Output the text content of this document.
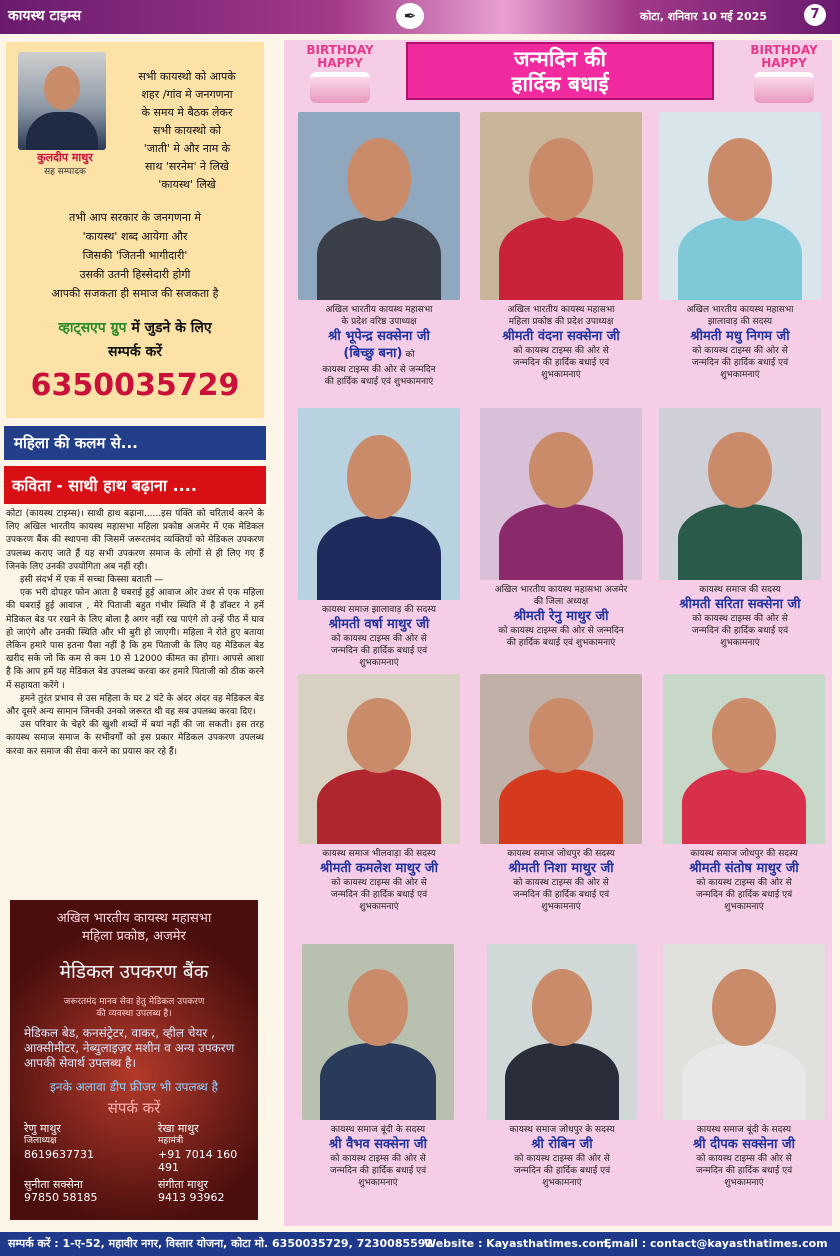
कायस्थ टाइम्स	✒	कोटा, शनिवार 10 मई 2025	7
कुलदीप माथुर
सह सम्पादक
सभी कायस्थो को आपके
शहर /गांव मे जनगणना
के समय मे बैठक लेकर
सभी कायस्थो को
'जाती' मे और नाम के
साथ 'सरनेम' ने लिखे
'कायस्थ' लिखे
तभी आप सरकार के जनगणना मे
'कायस्थ' शब्द आयेगा और
जिसकी 'जितनी भागीदारी'
उसकी उतनी हिस्सेदारी होगी
आपकी सजकता ही समाज की सजकता है
व्हाट्सएप ग्रुप में जुडने के लिए
सम्पर्क करें
6350035729
महिला की कलम से...
कविता - साथी हाथ बढ़ाना ....

कोटा (कायस्थ टाइम्स)। साथी हाथ बढ़ाना......इस पंक्ति को चरितार्थ करने के लिए अखिल भारतीय कायस्थ महासभा महिला प्रकोष्ठ अजमेर में एक मेडिकल उपकरण बैंक की स्थापना की जिसमें जरूरतमंद व्यक्तियों को मेडिकल उपकरण उपलब्ध कराए जाते हैं यह सभी उपकरण समाज के लोगों से ही लिए गए हैं जिनके लिए उनकी उपयोगिता अब नहीं रही।

इसी संदर्भ में एक में सच्चा किस्सा बताती —

एक भरी दोपहर फोन आता है घबराई हुई आवाज ओर उधर से एक महिला की घबराई हुई आवाज , मेरे पिताजी बहुत गंभीर स्थिति में है डॉक्टर ने हमें मेडिकल बेड पर रखने के लिए बोला है अगर नहीं रख पाएंगे तो उन्हें पीठ में घाव हो जाएंगे और उनकी स्थिति और भी बुरी हो जाएगी। महिला ने रोते हुए बताया लेकिन हमारे पास इतना पैसा नहीं है कि हम पिताजी के लिए यह मेडिकल बेड खरीद सके जो कि कम से कम 10 से 12000 कीमत का होगा। आपसे आशा है कि आप हमें यह मेडिकल बेड उपलब्ध करवा कर हमारे पिताजी को ठीक करने में सहायता करेंगे ।

हमने तुरंत प्रभाव से उस महिला के घर 2 घंटे के अंदर अंदर वह मेडिकल बेड और दूसरे अन्य सामान जिनकी उनको जरूरत थी वह सब उपलब्ध करवा दिए।

उस परिवार के चेहरे की खुशी शब्दों में बयां नहीं की जा सकती। इस तरह कायस्थ समाज समाज के सभीवर्गों को इस प्रकार मेडिकल उपकरण उपलब्ध करवा कर समाज की सेवा करने का प्रयास कर रहे हैं।

अखिल भारतीय कायस्थ महासभा
महिला प्रकोष्ठ, अजमेर
मेडिकल उपकरण बैंक
जरूरतमंद मानव सेवा हेतु मेडिकल उपकरण
की व्यवस्था उपलब्ध है।
मेडिकल बेड, कनसंट्रेटर, वाकर, व्हील चेयर , आक्सीमीटर, नेब्युलाइज़र मशीन व अन्य उपकरण आपकी सेवार्थ उपलब्ध है।
इनके अलावा डीप फ्रीजर भी उपलब्ध है
संपर्क करें
रेणु माथुर
जिलाध्यक्ष
8619637731
रेखा माथुर
महामंत्री
+91 7014 160 491
सुनीता सक्सेना
97850 58185
संगीता माथुर
9413 93962
BIRTHDAY
HAPPY	जन्मदिन की
हार्दिक बधाई
BIRTHDAY
HAPPY
अखिल भारतीय कायस्थ महासभा
के प्रदेश वरिष्ठ उपाध्यक्ष
श्री भूपेन्द्र सक्सेना जी
(बिच्छु बना) को
कायस्थ टाइम्स की ओर से जन्मदिन
की हार्दिक बधाई एवं शुभकामनाएं
अखिल भारतीय कायस्थ महासभा
महिला प्रकोष्ठ की प्रदेश उपाध्यक्ष
श्रीमती वंदना सक्सेना जी
को कायस्थ टाइम्स की ओर से
जन्मदिन की हार्दिक बधाई एवं
शुभकामनाएं
अखिल भारतीय कायस्थ महासभा
झालावाड़ की सदस्य
श्रीमती मधु निगम जी
को कायस्थ टाइम्स की ओर से
जन्मदिन की हार्दिक बधाई एवं
शुभकामनाएं
कायस्थ समाज झालावाड़ की सदस्य
श्रीमती वर्षा माथुर जी
को कायस्थ टाइम्स की ओर से
जन्मदिन की हार्दिक बधाई एवं
शुभकामनाएं
अखिल भारतीय कायस्थ महासभा अजमेर
की जिला अध्यक्ष
श्रीमती रेनु माथुर जी
को कायस्थ टाइम्स की ओर से जन्मदिन
की हार्दिक बधाई एवं शुभकामनाएं
कायस्थ समाज की सदस्य
श्रीमती सरिता सक्सेना जी
को कायस्थ टाइम्स की ओर से
जन्मदिन की हार्दिक बधाई एवं
शुभकामनाएं
कायस्थ समाज भीलवाड़ा की सदस्य
श्रीमती कमलेश माथुर जी
को कायस्थ टाइम्स की ओर से
जन्मदिन की हार्दिक बधाई एवं
शुभकामनाएं
कायस्थ समाज जोधपुर की सदस्य
श्रीमती निशा माथुर जी
को कायस्थ टाइम्स की ओर से
जन्मदिन की हार्दिक बधाई एवं
शुभकामनाएं
कायस्थ समाज जोधपुर की सदस्य
श्रीमती संतोष माथुर जी
को कायस्थ टाइम्स की ओर से
जन्मदिन की हार्दिक बधाई एवं
शुभकामनाएं
कायस्थ समाज बूंदी के सदस्य
श्री वैभव सक्सेना जी
को कायस्थ टाइम्स की ओर से
जन्मदिन की हार्दिक बधाई एवं
शुभकामनाएं
कायस्थ समाज जोधपुर के सदस्य
श्री रोबिन जी
को कायस्थ टाइम्स की ओर से
जन्मदिन की हार्दिक बधाई एवं
शुभकामनाएं
कायस्थ समाज बूंदी के सदस्य
श्री दीपक सक्सेना जी
को कायस्थ टाइम्स की ओर से
जन्मदिन की हार्दिक बधाई एवं
शुभकामनाएं
सम्पर्क करें : 1-ए-52, महावीर नगर, विस्तार योजना, कोटा मो. 6350035729, 7230085592
Website : Kayasthatimes.com,
Email : contact@kayasthatimes.com
